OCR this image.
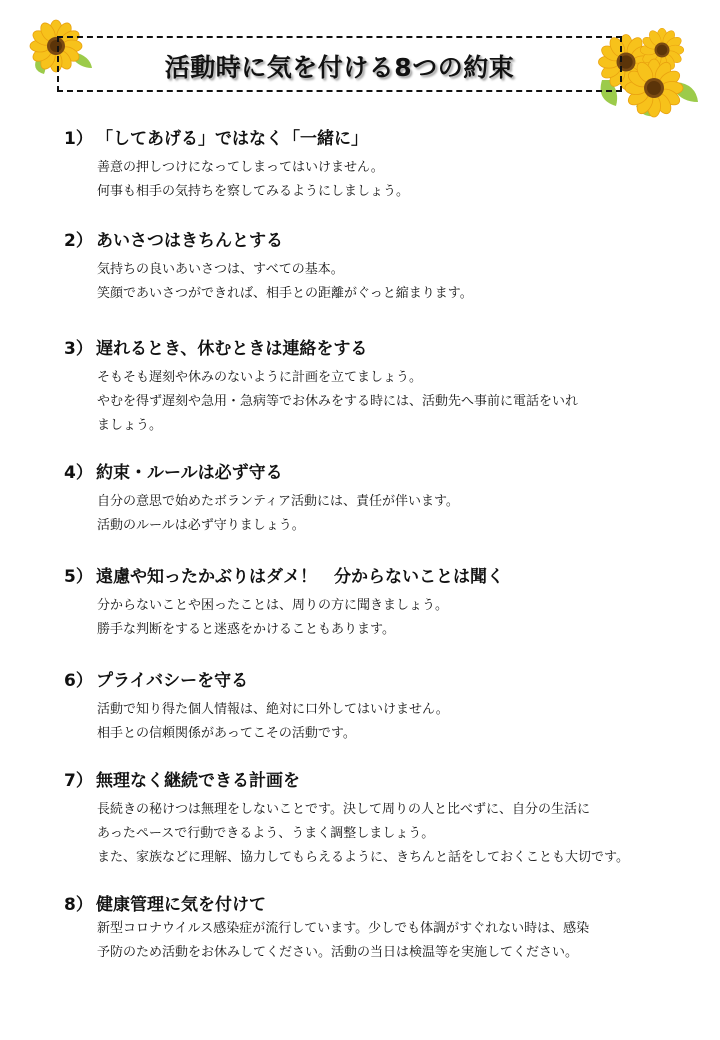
活動時に気を付ける8つの約束
1） 「してあげる」ではなく「一緒に」
善意の押しつけになってしまってはいけません。
何事も相手の気持ちを察してみるようにしましょう。
2） あいさつはきちんとする
気持ちの良いあいさつは、すべての基本。
笑顔であいさつができれば、相手との距離がぐっと縮まります。
3） 遅れるとき、休むときは連絡をする
そもそも遅刻や休みのないように計画を立てましょう。
やむを得ず遅刻や急用・急病等でお休みをする時には、活動先へ事前に電話をいれ
ましょう。
4） 約束・ルールは必ず守る
自分の意思で始めたボランティア活動には、責任が伴います。
活動のルールは必ず守りましょう。
5） 遠慮や知ったかぶりはダメ！　分からないことは聞く
分からないことや困ったことは、周りの方に聞きましょう。
勝手な判断をすると迷惑をかけることもあります。
6） プライバシーを守る
活動で知り得た個人情報は、絶対に口外してはいけません。
相手との信頼関係があってこその活動です。
7） 無理なく継続できる計画を
長続きの秘けつは無理をしないことです。決して周りの人と比べずに、自分の生活に
あったペースで行動できるよう、うまく調整しましょう。
また、家族などに理解、協力してもらえるように、きちんと話をしておくことも大切です。
8） 健康管理に気を付けて
新型コロナウイルス感染症が流行しています。少しでも体調がすぐれない時は、感染
予防のため活動をお休みしてください。活動の当日は検温等を実施してください。
